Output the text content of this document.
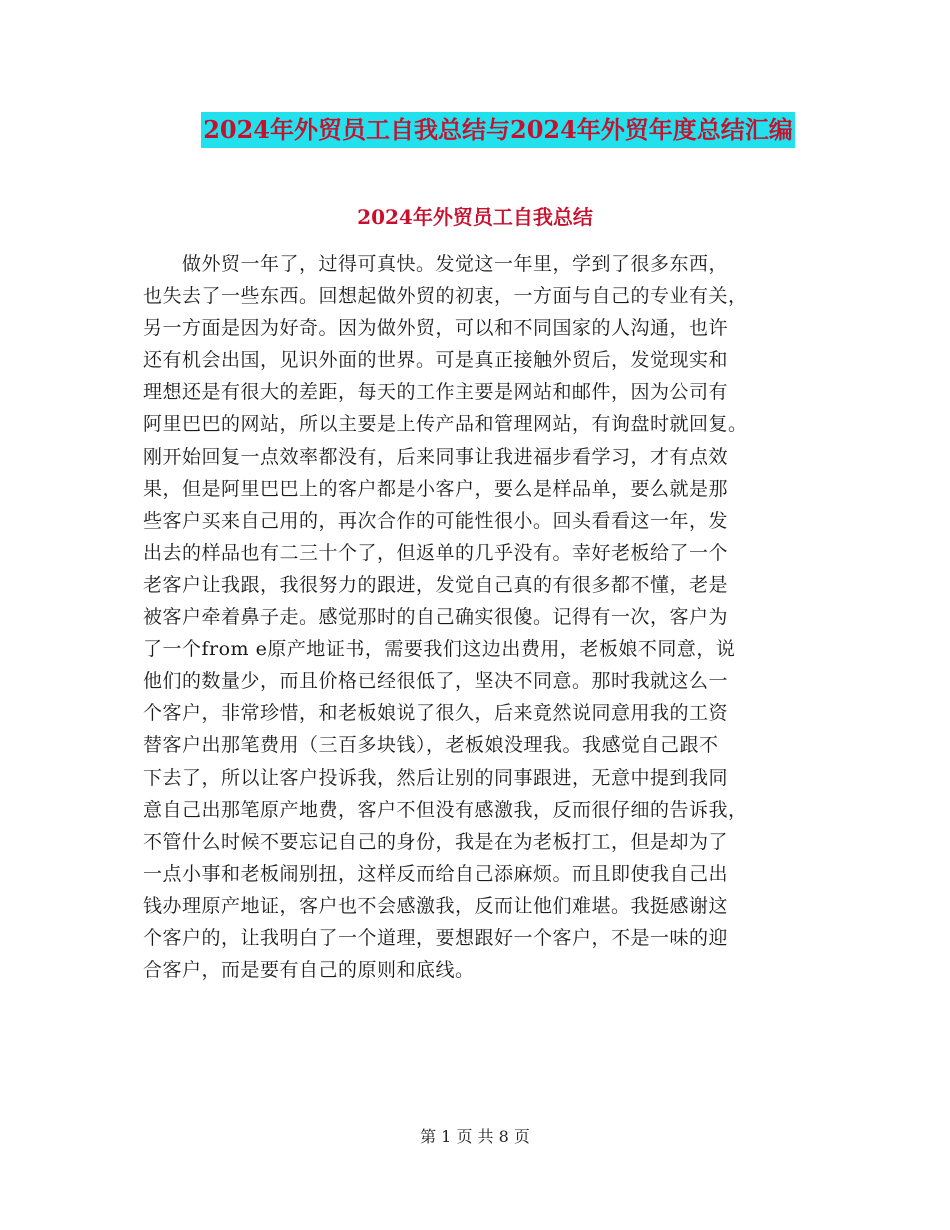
2024年外贸员工自我总结与2024年外贸年度总结汇编
2024年外贸员工自我总结
　　做外贸一年了，过得可真快。发觉这一年里，学到了很多东西，
也失去了一些东西。回想起做外贸的初衷，一方面与自己的专业有关，
另一方面是因为好奇。因为做外贸，可以和不同国家的人沟通，也许
还有机会出国，见识外面的世界。可是真正接触外贸后，发觉现实和
理想还是有很大的差距，每天的工作主要是网站和邮件，因为公司有
阿里巴巴的网站，所以主要是上传产品和管理网站，有询盘时就回复。
刚开始回复一点效率都没有，后来同事让我进福步看学习，才有点效
果，但是阿里巴巴上的客户都是小客户，要么是样品单，要么就是那
些客户买来自己用的，再次合作的可能性很小。回头看看这一年，发
出去的样品也有二三十个了，但返单的几乎没有。幸好老板给了一个
老客户让我跟，我很努力的跟进，发觉自己真的有很多都不懂，老是
被客户牵着鼻子走。感觉那时的自己确实很傻。记得有一次，客户为
了一个from e原产地证书，需要我们这边出费用，老板娘不同意，说
他们的数量少，而且价格已经很低了，坚决不同意。那时我就这么一
个客户，非常珍惜，和老板娘说了很久，后来竟然说同意用我的工资
替客户出那笔费用（三百多块钱），老板娘没理我。我感觉自己跟不
下去了，所以让客户投诉我，然后让别的同事跟进，无意中提到我同
意自己出那笔原产地费，客户不但没有感激我，反而很仔细的告诉我，
不管什么时候不要忘记自己的身份，我是在为老板打工，但是却为了
一点小事和老板闹别扭，这样反而给自己添麻烦。而且即使我自己出
钱办理原产地证，客户也不会感激我，反而让他们难堪。我挺感谢这
个客户的，让我明白了一个道理，要想跟好一个客户，不是一味的迎
合客户，而是要有自己的原则和底线。
第 1 页 共 8 页
